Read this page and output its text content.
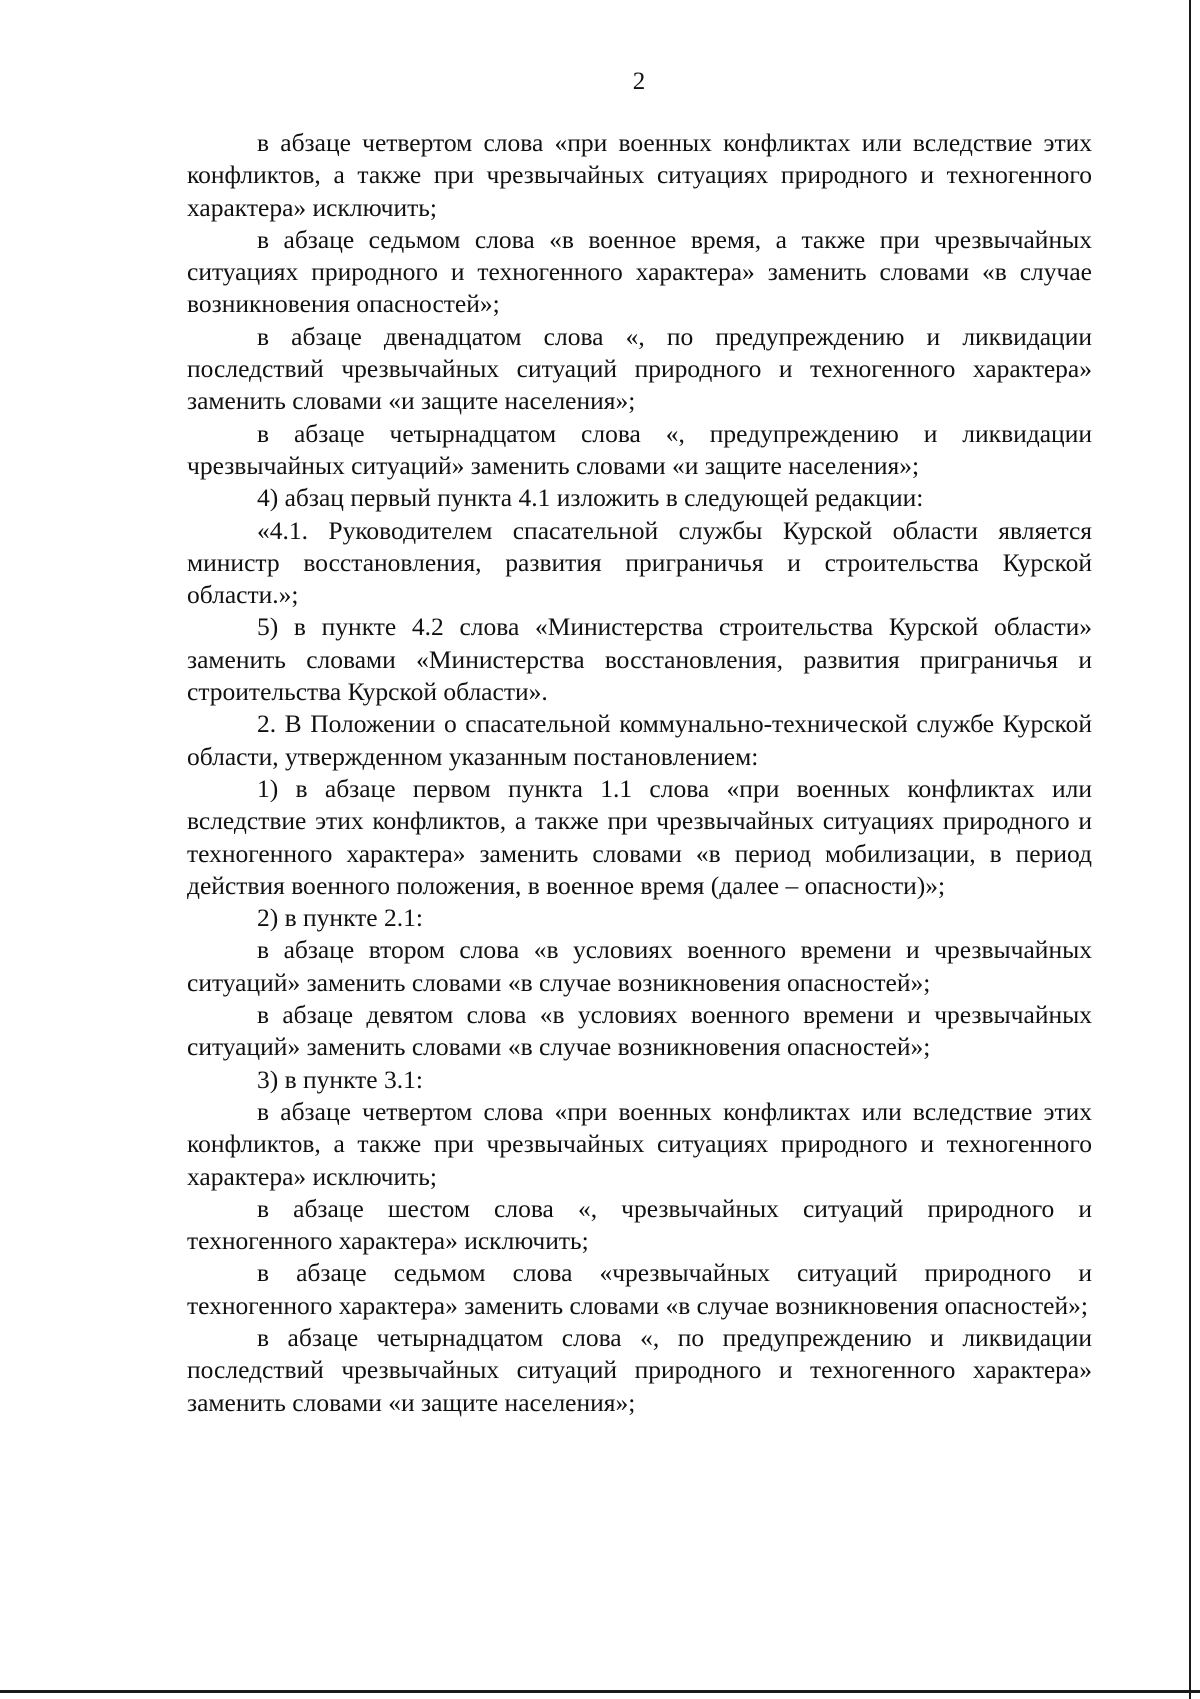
2

в абзаце четвертом слова «при военных конфликтах или вследствие этих конфликтов, а также при чрезвычайных ситуациях природного и техногенного характера» исключить;

в абзаце седьмом слова «в военное время, а также при чрезвычайных ситуациях природного и техногенного характера» заменить словами «в случае возникновения опасностей»;

в абзаце двенадцатом слова «, по предупреждению и ликвидации последствий чрезвычайных ситуаций природного и техногенного характера» заменить словами «и защите населения»;

в абзаце четырнадцатом слова «, предупреждению и ликвидации чрезвычайных ситуаций» заменить словами «и защите населения»;

4) абзац первый пункта 4.1 изложить в следующей редакции:

«4.1. Руководителем спасательной службы Курской области является министр восстановления, развития приграничья и строительства Курской области.»;

5) в пункте 4.2 слова «Министерства строительства Курской области» заменить словами «Министерства восстановления, развития приграничья и строительства Курской области».

2. В Положении о спасательной коммунально-технической службе Курской области, утвержденном указанным постановлением:

1) в абзаце первом пункта 1.1 слова «при военных конфликтах или вследствие этих конфликтов, а также при чрезвычайных ситуациях природного и техногенного характера» заменить словами «в период мобилизации, в период действия военного положения, в военное время (далее – опасности)»;

2) в пункте 2.1:

в абзаце втором слова «в условиях военного времени и чрезвычайных ситуаций» заменить словами «в случае возникновения опасностей»;

в абзаце девятом слова «в условиях военного времени и чрезвычайных ситуаций» заменить словами «в случае возникновения опасностей»;

3) в пункте 3.1:

в абзаце четвертом слова «при военных конфликтах или вследствие этих конфликтов, а также при чрезвычайных ситуациях природного и техногенного характера» исключить;

в абзаце шестом слова «, чрезвычайных ситуаций природного и техногенного характера» исключить;

в абзаце седьмом слова «чрезвычайных ситуаций природного и техногенного характера» заменить словами «в случае возникновения опасностей»;

в абзаце четырнадцатом слова «, по предупреждению и ликвидации последствий чрезвычайных ситуаций природного и техногенного характера» заменить словами «и защите населения»;
